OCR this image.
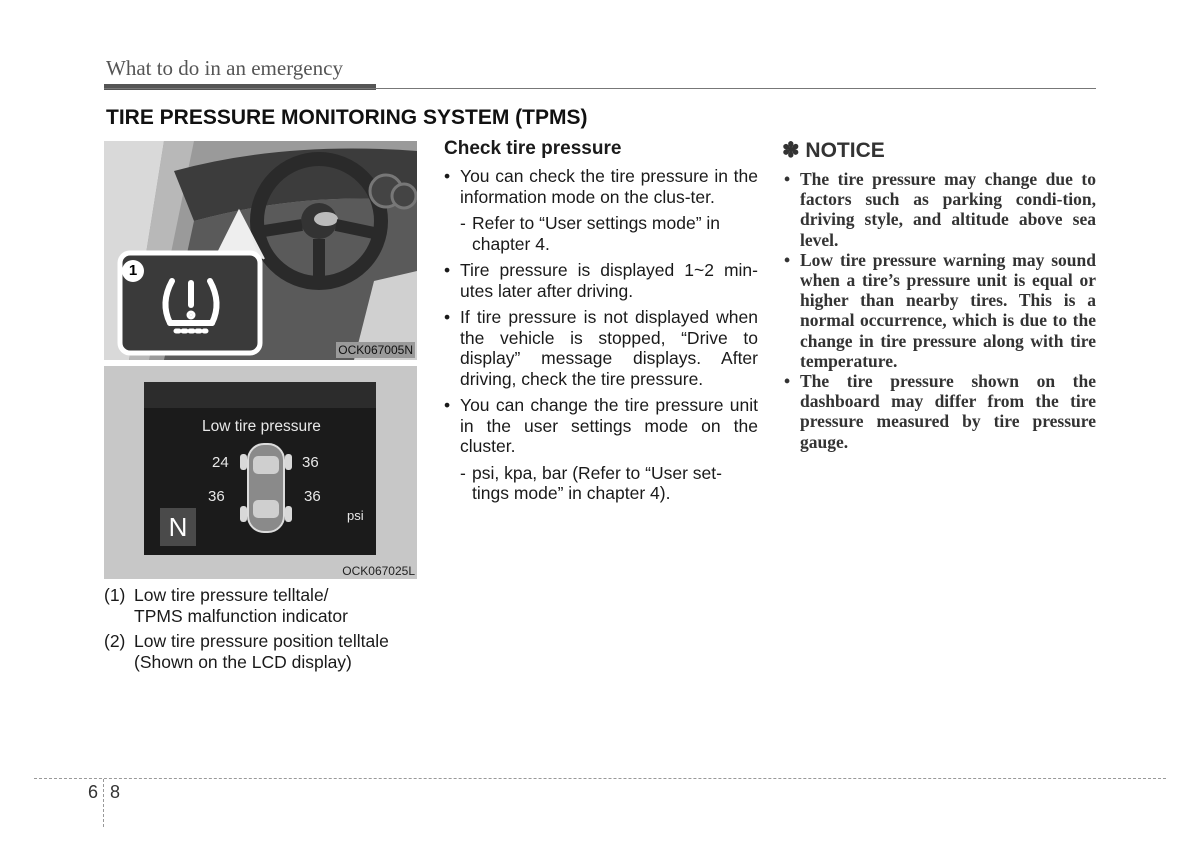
What to do in an emergency
TIRE PRESSURE MONITORING SYSTEM (TPMS)
1
OCK067005N
Low tire pressure
24	36
36	36
psi
N
OCK067025L
(1) Low tire pressure telltale/
TPMS malfunction indicator
(2) Low tire pressure position telltale
(Shown on the LCD display)
Check tire pressure
• You can check the tire pressure in the information mode on the clus-ter.
- Refer to “User settings mode” in chapter 4.
• Tire pressure is displayed 1~2 min-utes later after driving.
• If tire pressure is not displayed when the vehicle is stopped, “Drive to display” message displays. After driving, check the tire pressure.
• You can change the tire pressure unit in the user settings mode on the cluster.
- psi, kpa, bar (Refer to “User set-tings mode” in chapter 4).
✽ NOTICE
• The tire pressure may change due to factors such as parking condi-tion, driving style, and altitude above sea level.
• Low tire pressure warning may sound when a tire’s pressure unit is equal or higher than nearby tires. This is a normal occurrence, which is due to the change in tire pressure along with tire temperature.
• The tire pressure shown on the dashboard may differ from the tire pressure measured by tire pressure gauge.
6 8
